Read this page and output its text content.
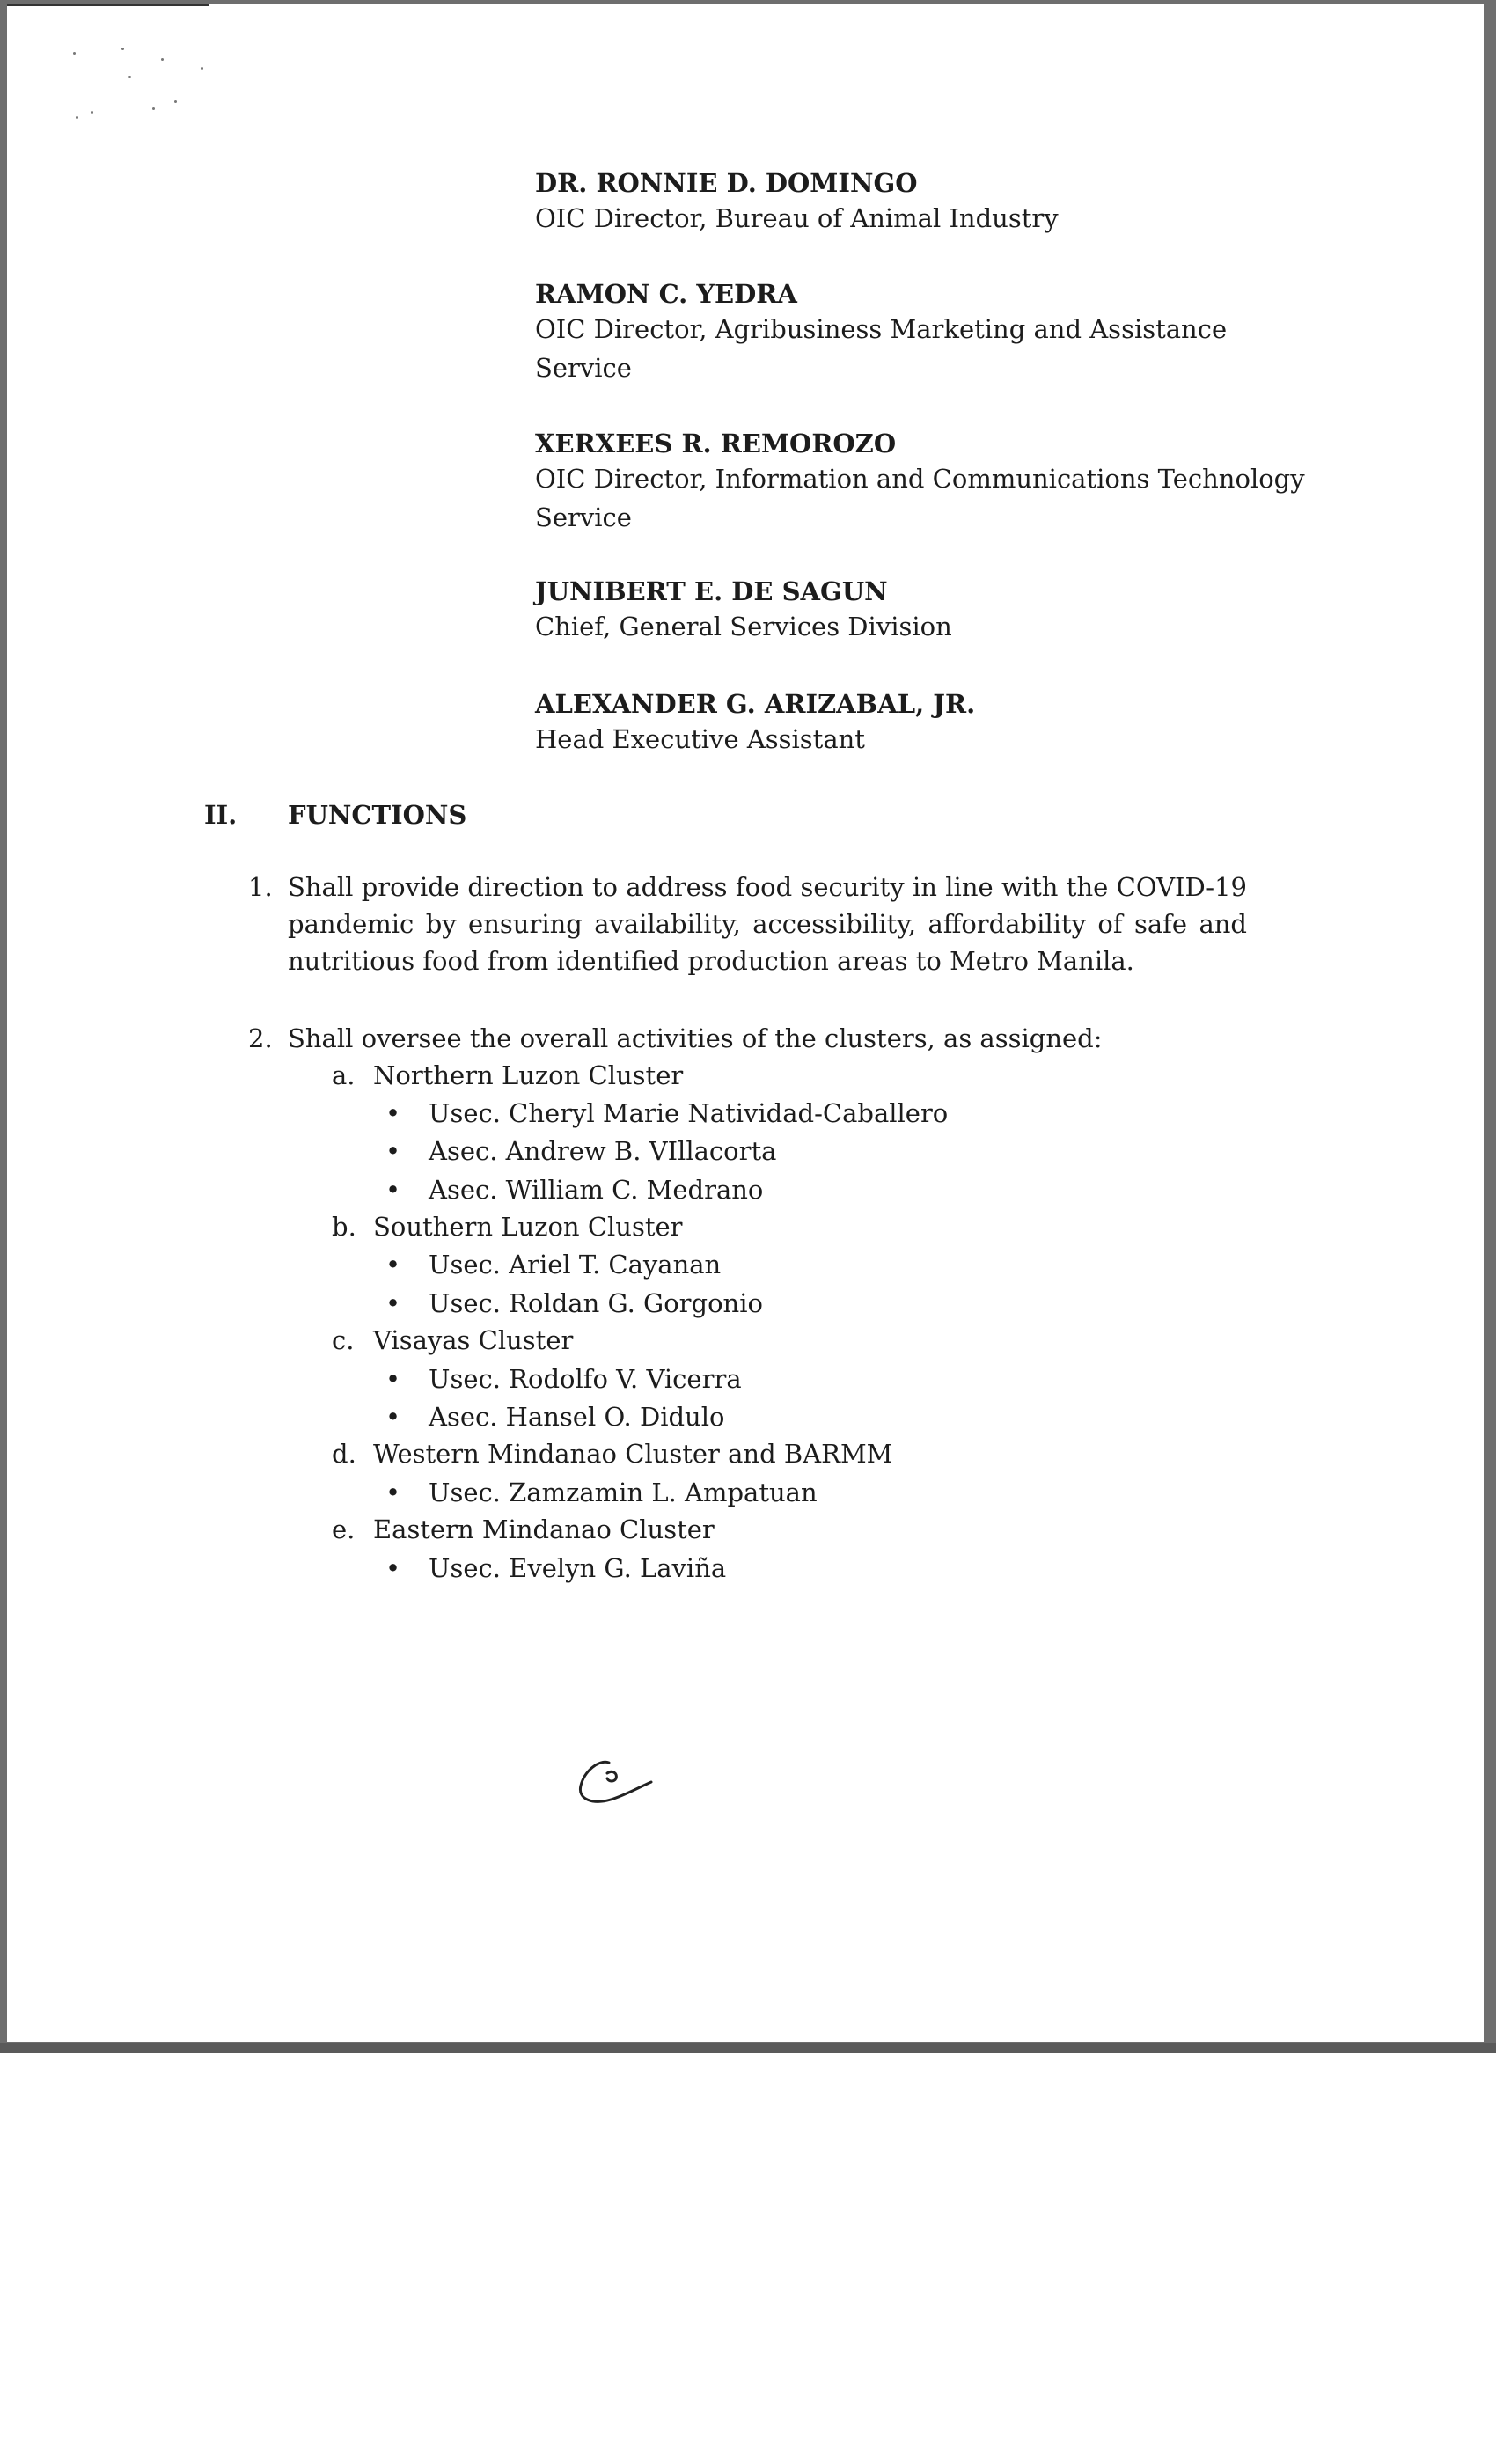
DR. RONNIE D. DOMINGO
OIC Director, Bureau of Animal Industry
RAMON C. YEDRA
OIC Director, Agribusiness Marketing and Assistance
Service
XERXEES R. REMOROZO
OIC Director, Information and Communications Technology
Service
JUNIBERT E. DE SAGUN
Chief, General Services Division
ALEXANDER G. ARIZABAL, JR.
Head Executive Assistant
II. FUNCTIONS
1. Shall provide direction to address food security in line with the COVID-19
pandemic by ensuring availability, accessibility, affordability of safe and
nutritious food from identified production areas to Metro Manila.
2. Shall oversee the overall activities of the clusters, as assigned:
a. Northern Luzon Cluster
• Usec. Cheryl Marie Natividad-Caballero
• Asec. Andrew B. VIllacorta
• Asec. William C. Medrano
b. Southern Luzon Cluster
• Usec. Ariel T. Cayanan
• Usec. Roldan G. Gorgonio
c. Visayas Cluster
• Usec. Rodolfo V. Vicerra
• Asec. Hansel O. Didulo
d. Western Mindanao Cluster and BARMM
• Usec. Zamzamin L. Ampatuan
e. Eastern Mindanao Cluster
• Usec. Evelyn G. Laviña
